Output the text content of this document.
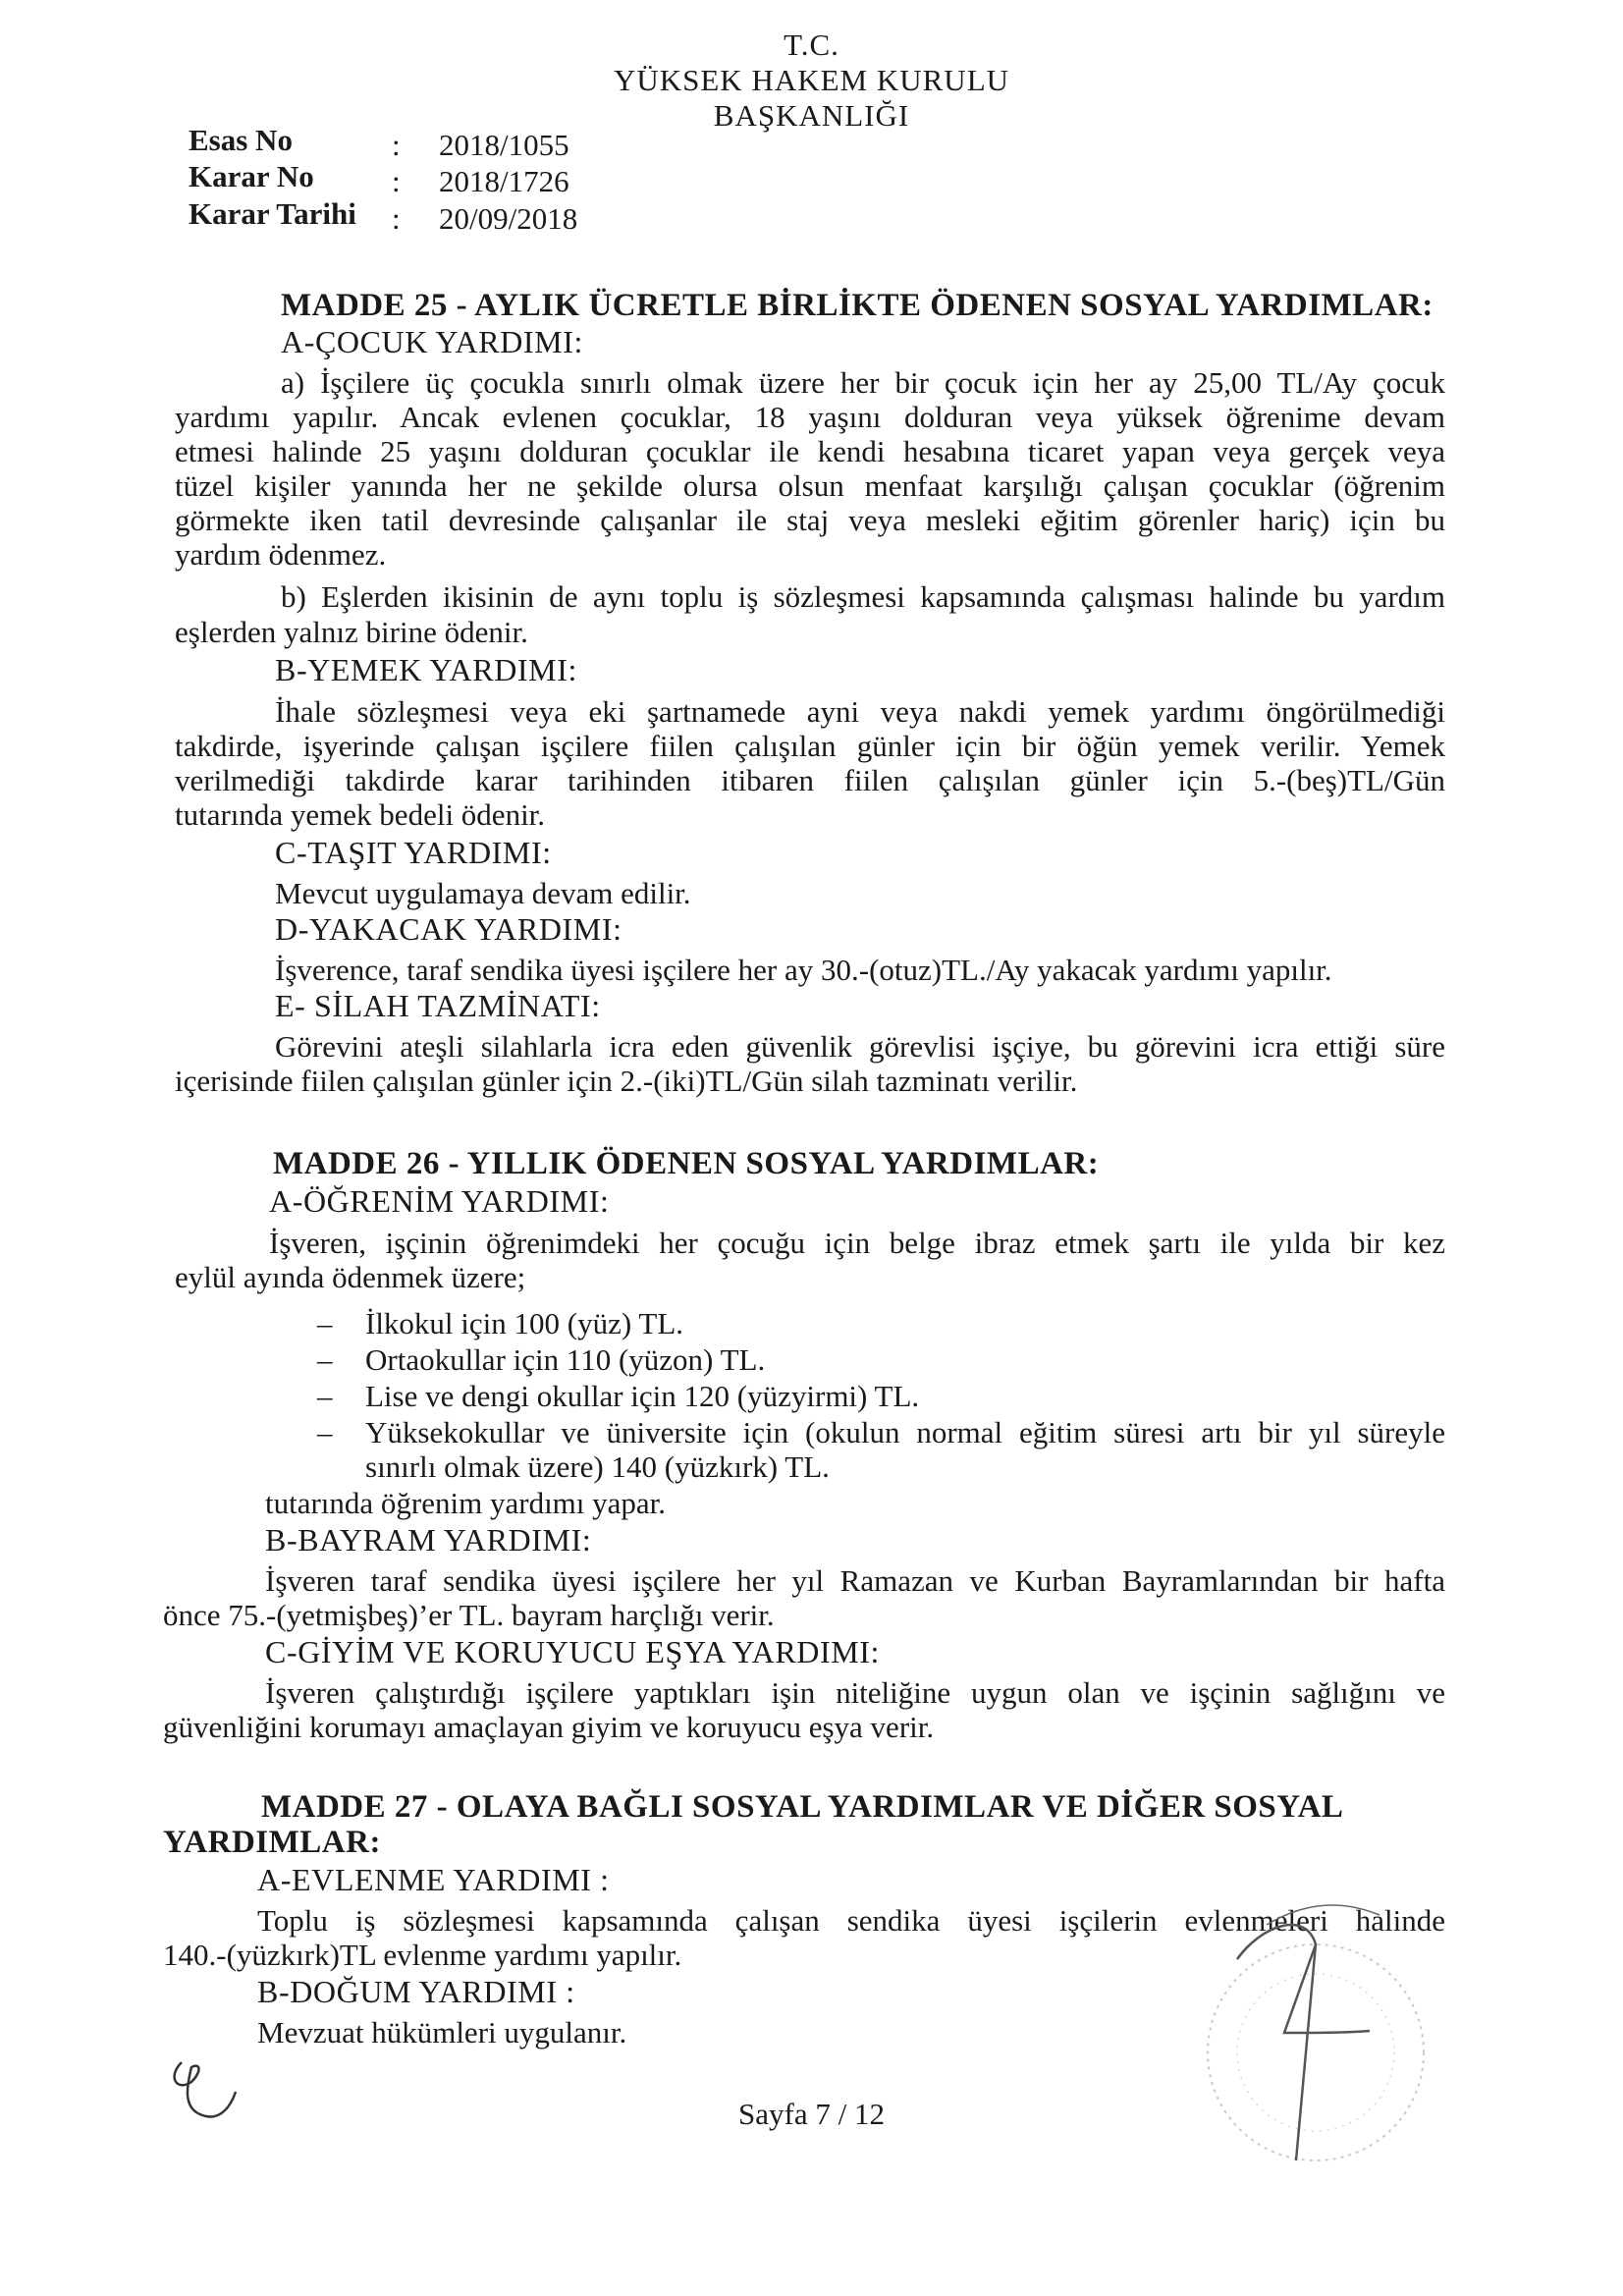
T.C.
YÜKSEK HAKEM KURULU
BAŞKANLIĞI
Esas No	: 2018/1055
Karar No	: 2018/1726
Karar Tarihi : 20/09/2018
MADDE 25 - AYLIK ÜCRETLE BİRLİKTE ÖDENEN SOSYAL YARDIMLAR:
A-ÇOCUK YARDIMI:
a) İşçilere üç çocukla sınırlı olmak üzere her bir çocuk için her ay 25,00 TL/Ay çocuk
yardımı yapılır. Ancak evlenen çocuklar, 18 yaşını dolduran veya yüksek öğrenime devam
etmesi halinde 25 yaşını dolduran çocuklar ile kendi hesabına ticaret yapan veya gerçek veya
tüzel kişiler yanında her ne şekilde olursa olsun menfaat karşılığı çalışan çocuklar (öğrenim
görmekte iken tatil devresinde çalışanlar ile staj veya mesleki eğitim görenler hariç) için bu
yardım ödenmez.
b) Eşlerden ikisinin de aynı toplu iş sözleşmesi kapsamında çalışması halinde bu yardım
eşlerden yalnız birine ödenir.
B-YEMEK YARDIMI:
İhale sözleşmesi veya eki şartnamede ayni veya nakdi yemek yardımı öngörülmediği
takdirde, işyerinde çalışan işçilere fiilen çalışılan günler için bir öğün yemek verilir. Yemek
verilmediği takdirde karar tarihinden itibaren fiilen çalışılan günler için 5.-(beş)TL/Gün
tutarında yemek bedeli ödenir.
C-TAŞIT YARDIMI:
Mevcut uygulamaya devam edilir.
D-YAKACAK YARDIMI:
İşverence, taraf sendika üyesi işçilere her ay 30.-(otuz)TL./Ay yakacak yardımı yapılır.
E- SİLAH TAZMİNATI:
Görevini ateşli silahlarla icra eden güvenlik görevlisi işçiye, bu görevini icra ettiği süre
içerisinde fiilen çalışılan günler için 2.-(iki)TL/Gün silah tazminatı verilir.
MADDE 26 - YILLIK ÖDENEN SOSYAL YARDIMLAR:
A-ÖĞRENİM YARDIMI:
İşveren, işçinin öğrenimdeki her çocuğu için belge ibraz etmek şartı ile yılda bir kez
eylül ayında ödenmek üzere;
– İlkokul için 100 (yüz) TL.
– Ortaokullar için 110 (yüzon) TL.
– Lise ve dengi okullar için 120 (yüzyirmi) TL.
– Yüksekokullar ve üniversite için (okulun normal eğitim süresi artı bir yıl süreyle
sınırlı olmak üzere) 140 (yüzkırk) TL.
tutarında öğrenim yardımı yapar.
B-BAYRAM YARDIMI:
İşveren taraf sendika üyesi işçilere her yıl Ramazan ve Kurban Bayramlarından bir hafta
önce 75.-(yetmişbeş)’er TL. bayram harçlığı verir.
C-GİYİM VE KORUYUCU EŞYA YARDIMI:
İşveren çalıştırdığı işçilere yaptıkları işin niteliğine uygun olan ve işçinin sağlığını ve
güvenliğini korumayı amaçlayan giyim ve koruyucu eşya verir.
MADDE 27 - OLAYA BAĞLI SOSYAL YARDIMLAR VE DİĞER SOSYAL
YARDIMLAR:
A-EVLENME YARDIMI :
Toplu iş sözleşmesi kapsamında çalışan sendika üyesi işçilerin evlenmeleri halinde
140.-(yüzkırk)TL evlenme yardımı yapılır.
B-DOĞUM YARDIMI :
Mevzuat hükümleri uygulanır.
Sayfa 7 / 12
